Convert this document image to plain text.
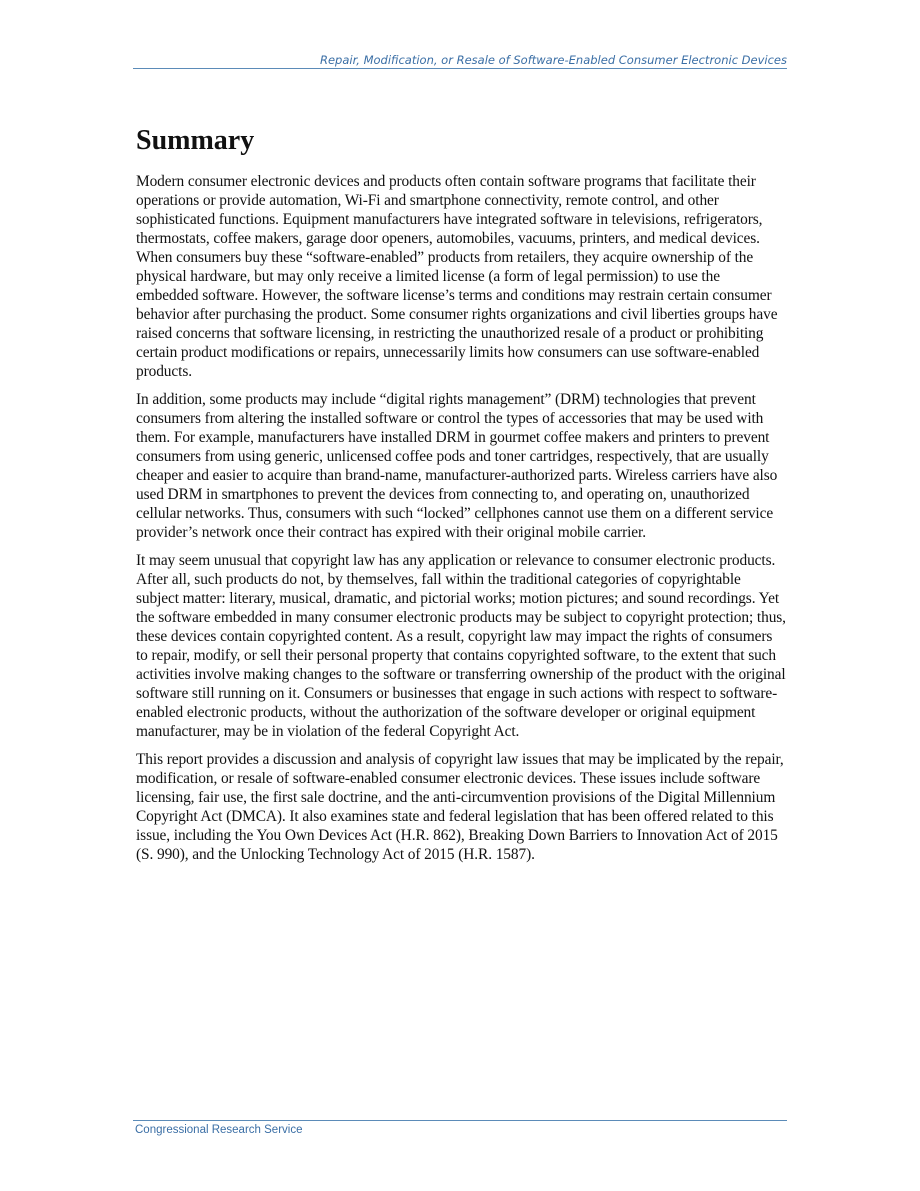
Repair, Modification, or Resale of Software-Enabled Consumer Electronic Devices
Summary

Modern consumer electronic devices and products often contain software programs that facilitate their operations or provide automation, Wi-Fi and smartphone connectivity, remote control, and other sophisticated functions. Equipment manufacturers have integrated software in televisions, refrigerators, thermostats, coffee makers, garage door openers, automobiles, vacuums, printers, and medical devices. When consumers buy these “software-enabled” products from retailers, they acquire ownership of the physical hardware, but may only receive a limited license (a form of legal permission) to use the embedded software. However, the software license’s terms and conditions may restrain certain consumer behavior after purchasing the product. Some consumer rights organizations and civil liberties groups have raised concerns that software licensing, in restricting the unauthorized resale of a product or prohibiting certain product modifications or repairs, unnecessarily limits how consumers can use software-enabled products.

In addition, some products may include “digital rights management” (DRM) technologies that prevent consumers from altering the installed software or control the types of accessories that may be used with them. For example, manufacturers have installed DRM in gourmet coffee makers and printers to prevent consumers from using generic, unlicensed coffee pods and toner cartridges, respectively, that are usually cheaper and easier to acquire than brand-name, manufacturer-authorized parts. Wireless carriers have also used DRM in smartphones to prevent the devices from connecting to, and operating on, unauthorized cellular networks. Thus, consumers with such “locked” cellphones cannot use them on a different service provider’s network once their contract has expired with their original mobile carrier.

It may seem unusual that copyright law has any application or relevance to consumer electronic products. After all, such products do not, by themselves, fall within the traditional categories of copyrightable subject matter: literary, musical, dramatic, and pictorial works; motion pictures; and sound recordings. Yet the software embedded in many consumer electronic products may be subject to copyright protection; thus, these devices contain copyrighted content. As a result, copyright law may impact the rights of consumers to repair, modify, or sell their personal property that contains copyrighted software, to the extent that such activities involve making changes to the software or transferring ownership of the product with the original software still running on it. Consumers or businesses that engage in such actions with respect to software-enabled electronic products, without the authorization of the software developer or original equipment manufacturer, may be in violation of the federal Copyright Act.

This report provides a discussion and analysis of copyright law issues that may be implicated by the repair, modification, or resale of software-enabled consumer electronic devices. These issues include software licensing, fair use, the first sale doctrine, and the anti-circumvention provisions of the Digital Millennium Copyright Act (DMCA). It also examines state and federal legislation that has been offered related to this issue, including the You Own Devices Act (H.R. 862), Breaking Down Barriers to Innovation Act of 2015 (S. 990), and the Unlocking Technology Act of 2015 (H.R. 1587).

Congressional Research Service
